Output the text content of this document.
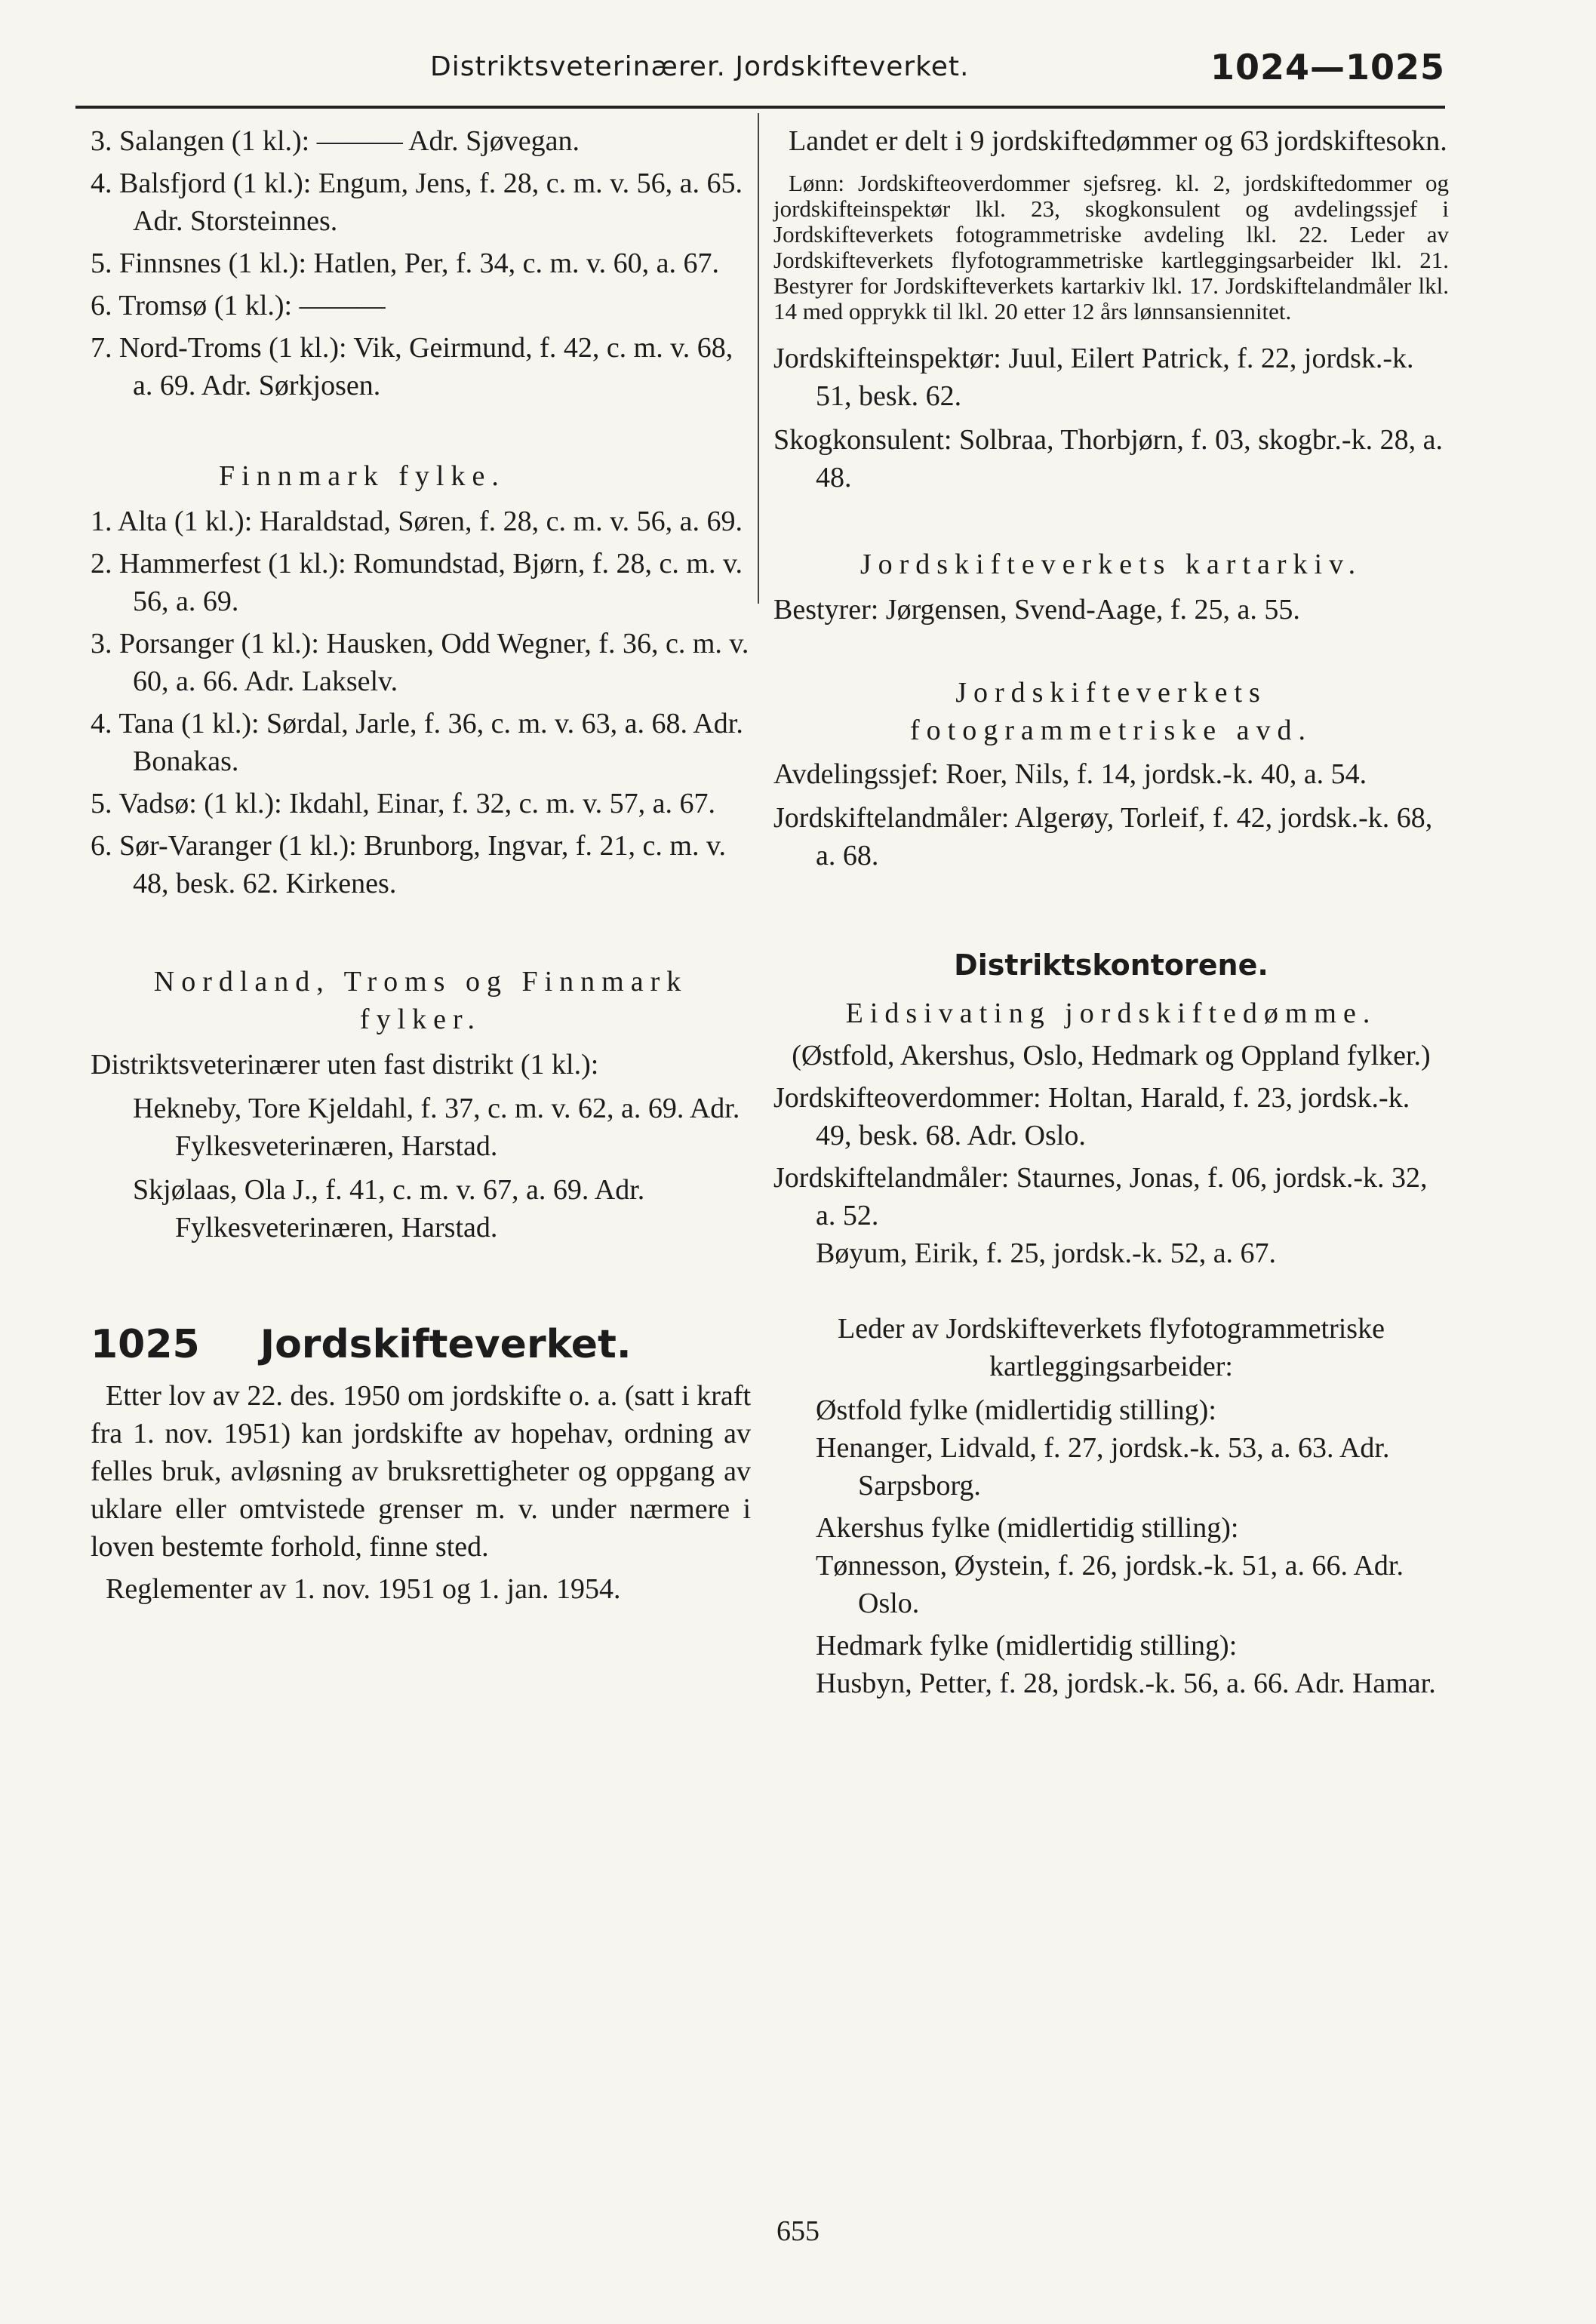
Distriktsveterinærer. Jordskifteverket.	1024—1025

3. Salangen (1 kl.): ——— Adr. Sjøvegan.

4. Balsfjord (1 kl.): Engum, Jens, f. 28, c. m. v. 56, a. 65. Adr. Storsteinnes.

5. Finnsnes (1 kl.): Hatlen, Per, f. 34, c. m. v. 60, a. 67.

6. Tromsø (1 kl.): ———

7. Nord-Troms (1 kl.): Vik, Geirmund, f. 42, c. m. v. 68, a. 69. Adr. Sørkjosen.

Finnmark fylke.

1. Alta (1 kl.): Haraldstad, Søren, f. 28, c. m. v. 56, a. 69.

2. Hammerfest (1 kl.): Romundstad, Bjørn, f. 28, c. m. v. 56, a. 69.

3. Porsanger (1 kl.): Hausken, Odd Wegner, f. 36, c. m. v. 60, a. 66. Adr. Lakselv.

4. Tana (1 kl.): Sørdal, Jarle, f. 36, c. m. v. 63, a. 68. Adr. Bonakas.

5. Vadsø: (1 kl.): Ikdahl, Einar, f. 32, c. m. v. 57, a. 67.

6. Sør-Varanger (1 kl.): Brunborg, Ingvar, f. 21, c. m. v. 48, besk. 62. Kirkenes.

Nordland, Troms og Finnmark fylker.

Distriktsveterinærer uten fast distrikt (1 kl.):

Hekneby, Tore Kjeldahl, f. 37, c. m. v. 62, a. 69. Adr. Fylkesveterinæren, Harstad.

Skjølaas, Ola J., f. 41, c. m. v. 67, a. 69. Adr. Fylkesveterinæren, Harstad.

1025 Jordskifteverket.

Etter lov av 22. des. 1950 om jordskifte o. a. (satt i kraft fra 1. nov. 1951) kan jordskifte av hopehav, ordning av felles bruk, avløsning av bruksrettigheter og oppgang av uklare eller omtvistede grenser m. v. under nærmere i loven bestemte forhold, finne sted.

Reglementer av 1. nov. 1951 og 1. jan. 1954.

Landet er delt i 9 jordskiftedømmer og 63 jordskiftesokn.

Lønn: Jordskifteoverdommer sjefsreg. kl. 2, jordskiftedommer og jordskifteinspektør lkl. 23, skogkonsulent og avdelingssjef i Jordskifteverkets fotogrammetriske avdeling lkl. 22. Leder av Jordskifteverkets flyfotogrammetriske kartleggingsarbeider lkl. 21. Bestyrer for Jordskifteverkets kartarkiv lkl. 17. Jordskiftelandmåler lkl. 14 med opprykk til lkl. 20 etter 12 års lønnsansiennitet.

Jordskifteinspektør: Juul, Eilert Patrick, f. 22, jordsk.-k. 51, besk. 62.

Skogkonsulent: Solbraa, Thorbjørn, f. 03, skogbr.-k. 28, a. 48.

Jordskifteverkets kartarkiv.

Bestyrer: Jørgensen, Svend-Aage, f. 25, a. 55.

Jordskifteverkets fotogrammetriske avd.

Avdelingssjef: Roer, Nils, f. 14, jordsk.-k. 40, a. 54.

Jordskiftelandmåler: Algerøy, Torleif, f. 42, jordsk.-k. 68, a. 68.

Distriktskontorene.

Eidsivating jordskiftedømme.

(Østfold, Akershus, Oslo, Hedmark og Oppland fylker.)

Jordskifteoverdommer: Holtan, Harald, f. 23, jordsk.-k. 49, besk. 68. Adr. Oslo.

Jordskiftelandmåler: Staurnes, Jonas, f. 06, jordsk.-k. 32, a. 52.

Bøyum, Eirik, f. 25, jordsk.-k. 52, a. 67.

Leder av Jordskifteverkets flyfotogrammetriske kartleggingsarbeider:

Østfold fylke (midlertidig stilling):

Henanger, Lidvald, f. 27, jordsk.-k. 53, a. 63. Adr. Sarpsborg.

Akershus fylke (midlertidig stilling):

Tønnesson, Øystein, f. 26, jordsk.-k. 51, a. 66. Adr. Oslo.

Hedmark fylke (midlertidig stilling):

Husbyn, Petter, f. 28, jordsk.-k. 56, a. 66. Adr. Hamar.

655
